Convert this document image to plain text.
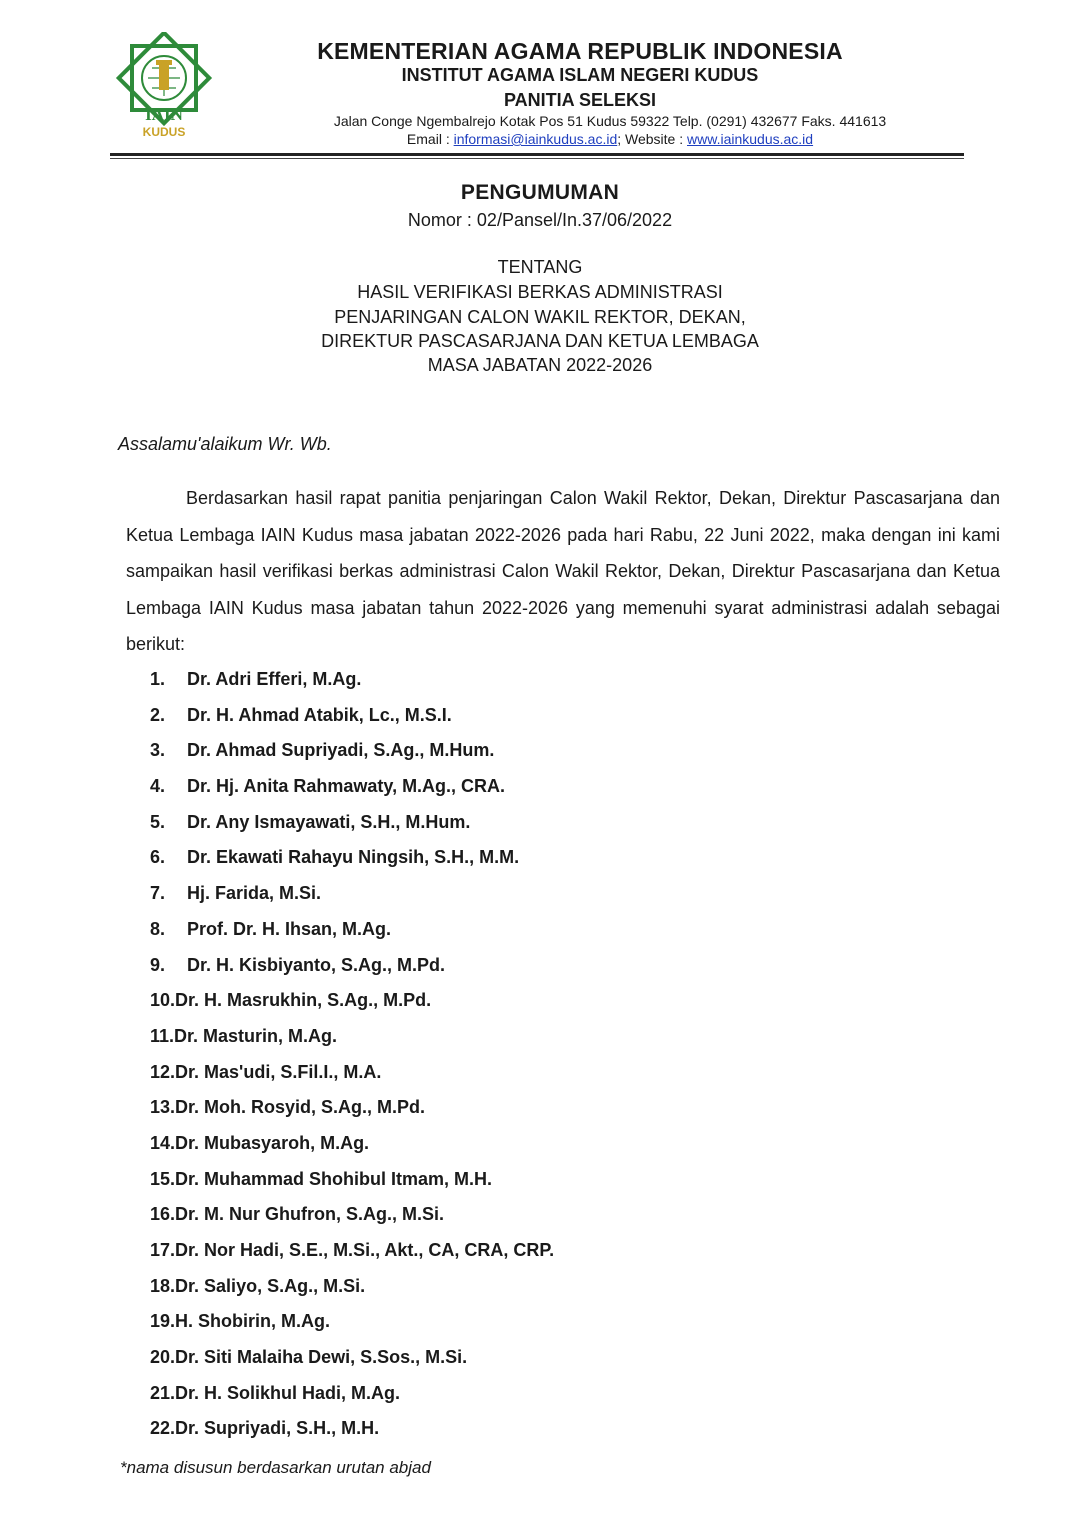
IAIN
KUDUS
KEMENTERIAN AGAMA REPUBLIK INDONESIA
INSTITUT AGAMA ISLAM NEGERI KUDUS
PANITIA SELEKSI
Jalan Conge Ngembalrejo Kotak Pos 51 Kudus 59322 Telp. (0291) 432677 Faks. 441613
Email : informasi@iainkudus.ac.id; Website : www.iainkudus.ac.id
PENGUMUMAN
Nomor : 02/Pansel/In.37/06/2022
TENTANG
HASIL VERIFIKASI BERKAS ADMINISTRASI
PENJARINGAN CALON WAKIL REKTOR, DEKAN,
DIREKTUR PASCASARJANA DAN KETUA LEMBAGA
MASA JABATAN 2022-2026
Assalamu'alaikum Wr. Wb.

Berdasarkan hasil rapat panitia penjaringan Calon Wakil Rektor, Dekan, Direktur Pascasarjana dan Ketua Lembaga IAIN Kudus masa jabatan 2022-2026 pada hari Rabu, 22 Juni 2022, maka dengan ini kami sampaikan hasil verifikasi berkas administrasi Calon Wakil Rektor, Dekan, Direktur Pascasarjana dan Ketua Lembaga IAIN Kudus masa jabatan tahun 2022-2026 yang memenuhi syarat administrasi adalah sebagai berikut:

1. Dr. Adri Efferi, M.Ag.
2. Dr. H. Ahmad Atabik, Lc., M.S.I.
3. Dr. Ahmad Supriyadi, S.Ag., M.Hum.
4. Dr. Hj. Anita Rahmawaty, M.Ag., CRA.
5. Dr. Any Ismayawati, S.H., M.Hum.
6. Dr. Ekawati Rahayu Ningsih, S.H., M.M.
7. Hj. Farida, M.Si.
8. Prof. Dr. H. Ihsan, M.Ag.
9. Dr. H. Kisbiyanto, S.Ag., M.Pd.
10.Dr. H. Masrukhin, S.Ag., M.Pd.
11.Dr. Masturin, M.Ag.
12.Dr. Mas'udi, S.Fil.I., M.A.
13.Dr. Moh. Rosyid, S.Ag., M.Pd.
14.Dr. Mubasyaroh, M.Ag.
15.Dr. Muhammad Shohibul Itmam, M.H.
16.Dr. M. Nur Ghufron, S.Ag., M.Si.
17.Dr. Nor Hadi, S.E., M.Si., Akt., CA, CRA, CRP.
18.Dr. Saliyo, S.Ag., M.Si.
19.H. Shobirin, M.Ag.
20.Dr. Siti Malaiha Dewi, S.Sos., M.Si.
21.Dr. H. Solikhul Hadi, M.Ag.
22.Dr. Supriyadi, S.H., M.H.
*nama disusun berdasarkan urutan abjad
